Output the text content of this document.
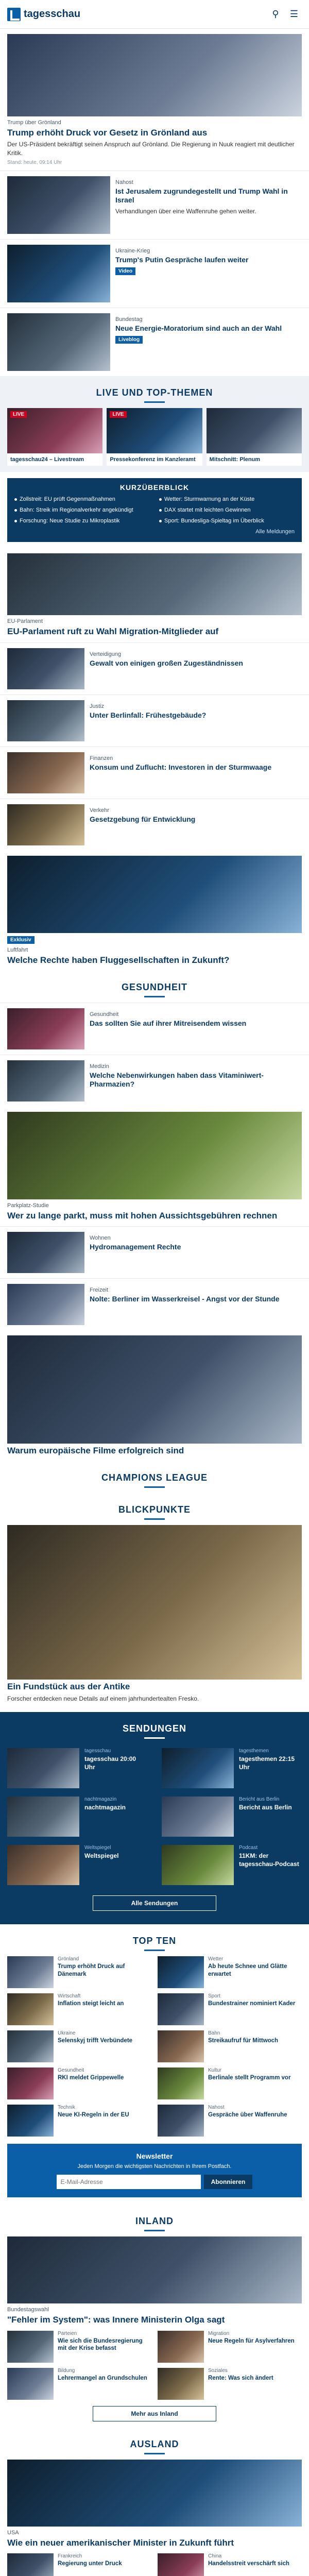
tagesschau	⚲	☰
Trump über Grönland
Trump erhöht Druck vor Gesetz in Grönland aus
Der US-Präsident bekräftigt seinen Anspruch auf Grönland. Die Regierung in Nuuk reagiert mit deutlicher Kritik.
Stand: heute, 09:14 Uhr
Nahost
Ist Jerusalem zugrundegestellt und Trump Wahl in Israel
Verhandlungen über eine Waffenruhe gehen weiter.
Ukraine-Krieg
Trump's Putin Gespräche laufen weiter
Video
Bundestag
Neue Energie-Moratorium sind auch an der Wahl
Liveblog
LIVE UND TOP-THEMEN
LIVE
tagesschau24 – Livestream
LIVE
Pressekonferenz im Kanzleramt	Mitschnitt: Plenum
KURZÜBERBLICK
Zollstreit: EU prüft Gegenmaßnahmen	Wetter: Sturmwarnung an der Küste
Bahn: Streik im Regionalverkehr angekündigt	DAX startet mit leichten Gewinnen
Forschung: Neue Studie zu Mikroplastik	Sport: Bundesliga-Spieltag im Überblick
Alle Meldungen
EU-Parlament
EU-Parlament ruft zu Wahl Migration-Mitglieder auf
Verteidigung
Gewalt von einigen großen Zugeständnissen
Justiz
Unter Berlinfall: Frühestgebäude?
Finanzen
Konsum und Zuflucht: Investoren in der Sturmwaage
Verkehr
Gesetzgebung für Entwicklung
Exklusiv
Luftfahrt
Welche Rechte haben Fluggesellschaften in Zukunft?
GESUNDHEIT
Gesundheit
Das sollten Sie auf ihrer Mitreisendem wissen
Medizin
Welche Nebenwirkungen haben dass Vitaminiwert-Pharmazien?
Parkplatz-Studie
Wer zu lange parkt, muss mit hohen Aussichtsgebühren rechnen
Wohnen
Hydromanagement Rechte
Freizeit
Nolte: Berliner im Wasserkreisel - Angst vor der Stunde
Warum europäische Filme erfolgreich sind
CHAMPIONS LEAGUE
BLICKPUNKTE
Ein Fundstück aus der Antike
Forscher entdecken neue Details auf einem jahrhundertealten Fresko.
SENDUNGEN
tagesschau
tagesschau 20:00 Uhr
tagesthemen
tagesthemen 22:15 Uhr
nachtmagazin
nachtmagazin
Bericht aus Berlin
Bericht aus Berlin
Weltspiegel
Weltspiegel
Podcast
11KM: der tagesschau-Podcast
Alle Sendungen
TOP TEN
Grönland
Trump erhöht Druck auf Dänemark
Wetter
Ab heute Schnee und Glätte erwartet
Wirtschaft
Inflation steigt leicht an
Sport
Bundestrainer nominiert Kader
Ukraine
Selenskyj trifft Verbündete
Bahn
Streikaufruf für Mittwoch
Gesundheit
RKI meldet Grippewelle
Kultur
Berlinale stellt Programm vor
Technik
Neue KI-Regeln in der EU
Nahost
Gespräche über Waffenruhe
Newsletter

Jeden Morgen die wichtigsten Nachrichten in Ihrem Postfach.

E-Mail-Adresse
Abonnieren
INLAND
Bundestagswahl
"Fehler im System": was Innere Ministerin Olga sagt
Parteien
Wie sich die Bundesregierung mit der Krise befasst
Migration
Neue Regeln für Asylverfahren
Bildung
Lehrermangel an Grundschulen
Soziales
Rente: Was sich ändert
Mehr aus Inland
AUSLAND
USA
Wie ein neuer amerikanischer Minister in Zukunft führt
Frankreich
Regierung unter Druck
China
Handelsstreit verschärft sich
